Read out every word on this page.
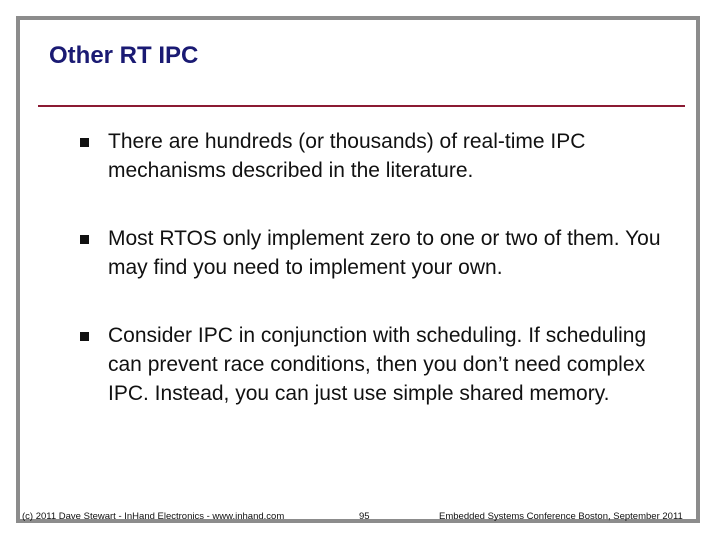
Other RT IPC
There are hundreds (or thousands) of real-time IPC mechanisms described in the literature.
Most RTOS only implement zero to one or two of them. You may find you need to implement your own.
Consider IPC in conjunction with scheduling. If scheduling can prevent race conditions, then you don’t need complex IPC. Instead, you can just use simple shared memory.
(c) 2011 Dave Stewart - InHand Electronics - www.inhand.com	95	Embedded Systems Conference Boston, September 2011
